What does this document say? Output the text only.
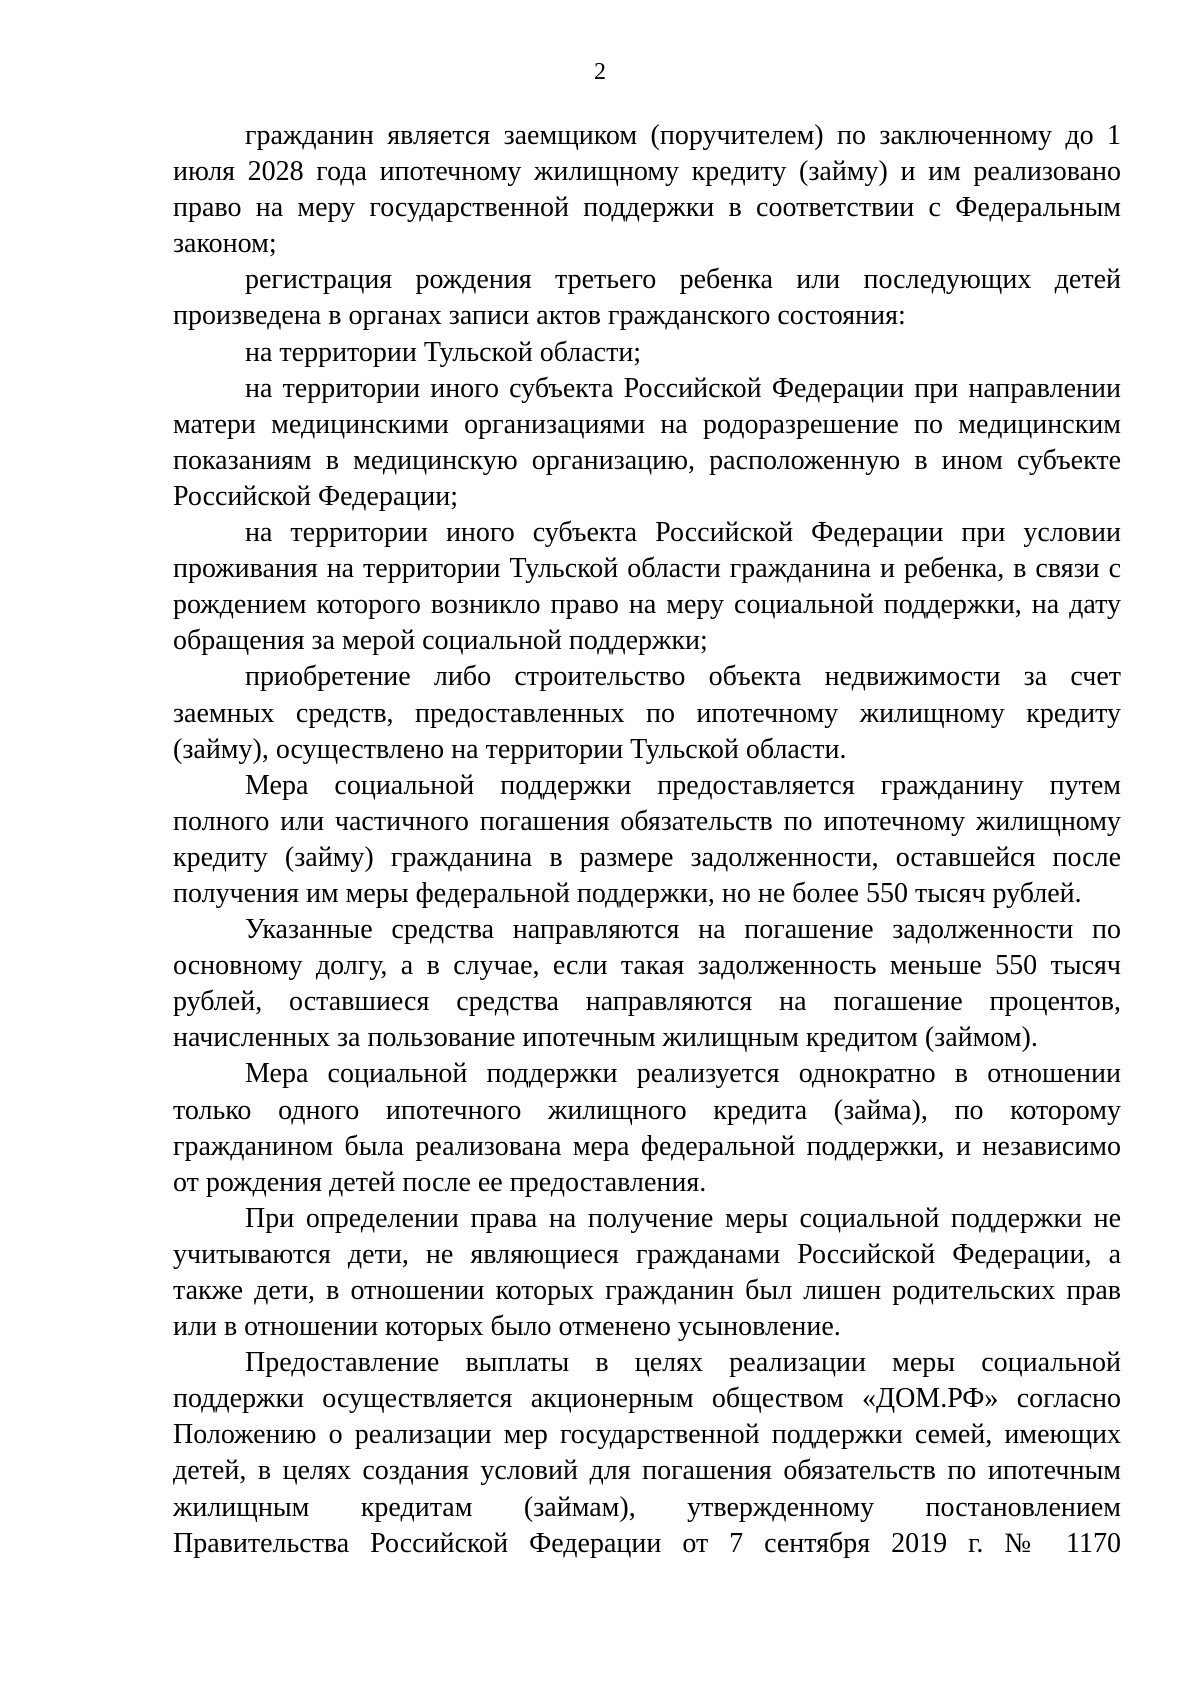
2

гражданин является заемщиком (поручителем) по заключенному до 1 июля 2028 года ипотечному жилищному кредиту (займу) и им реализовано право на меру государственной поддержки в соответствии с Федеральным законом;

регистрация рождения третьего ребенка или последующих детей произведена в органах записи актов гражданского состояния:

на территории Тульской области;

на территории иного субъекта Российской Федерации при направлении матери медицинскими организациями на родоразрешение по медицинским показаниям в медицинскую организацию, расположенную в ином субъекте Российской Федерации;

на территории иного субъекта Российской Федерации при условии проживания на территории Тульской области гражданина и ребенка, в связи с рождением которого возникло право на меру социальной поддержки, на дату обращения за мерой социальной поддержки;

приобретение либо строительство объекта недвижимости за счет заемных средств, предоставленных по ипотечному жилищному кредиту (займу), осуществлено на территории Тульской области.

Мера социальной поддержки предоставляется гражданину путем полного или частичного погашения обязательств по ипотечному жилищному кредиту (займу) гражданина в размере задолженности, оставшейся после получения им меры федеральной поддержки, но не более 550 тысяч рублей.

Указанные средства направляются на погашение задолженности по основному долгу, а в случае, если такая задолженность меньше 550 тысяч рублей, оставшиеся средства направляются на погашение процентов, начисленных за пользование ипотечным жилищным кредитом (займом).

Мера социальной поддержки реализуется однократно в отношении только одного ипотечного жилищного кредита (займа), по которому гражданином была реализована мера федеральной поддержки, и независимо от рождения детей после ее предоставления.

При определении права на получение меры социальной поддержки не учитываются дети, не являющиеся гражданами Российской Федерации, а также дети, в отношении которых гражданин был лишен родительских прав или в отношении которых было отменено усыновление.

Предоставление выплаты в целях реализации меры социальной поддержки осуществляется акционерным обществом «ДОМ.РФ» согласно Положению о реализации мер государственной поддержки семей, имеющих детей, в целях создания условий для погашения обязательств по ипотечным жилищным кредитам (займам), утвержденному постановлением Правительства Российской Федерации от 7 сентября 2019 г. № 1170
